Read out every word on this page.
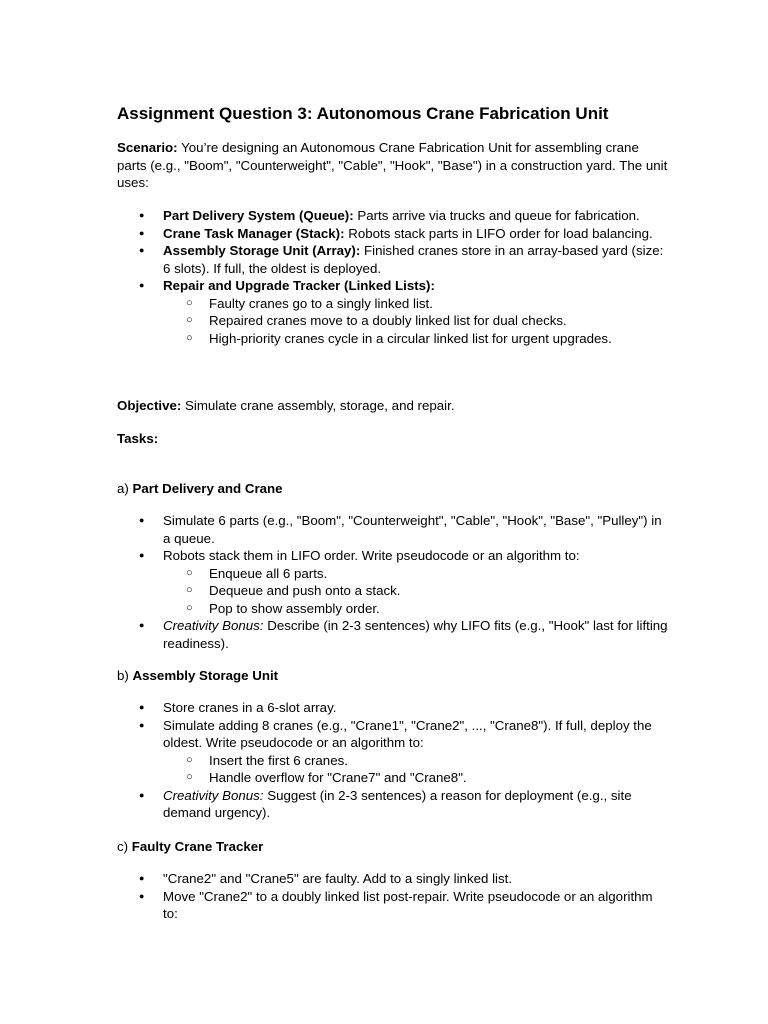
Assignment Question 3: Autonomous Crane Fabrication Unit

Scenario: You’re designing an Autonomous Crane Fabrication Unit for assembling crane parts (e.g., "Boom", "Counterweight", "Cable", "Hook", "Base") in a construction yard. The unit uses:

● Part Delivery System (Queue): Parts arrive via trucks and queue for fabrication.
● Crane Task Manager (Stack): Robots stack parts in LIFO order for load balancing.
● Assembly Storage Unit (Array): Finished cranes store in an array-based yard (size: 6 slots). If full, the oldest is deployed.
● Repair and Upgrade Tracker (Linked Lists):
○ Faulty cranes go to a singly linked list.
○ Repaired cranes move to a doubly linked list for dual checks.
○ High-priority cranes cycle in a circular linked list for urgent upgrades.

Objective: Simulate crane assembly, storage, and repair.

Tasks:

a) Part Delivery and Crane

● Simulate 6 parts (e.g., "Boom", "Counterweight", "Cable", "Hook", "Base", "Pulley") in a queue.
● Robots stack them in LIFO order. Write pseudocode or an algorithm to:
○ Enqueue all 6 parts.
○ Dequeue and push onto a stack.
○ Pop to show assembly order.
● Creativity Bonus: Describe (in 2-3 sentences) why LIFO fits (e.g., "Hook" last for lifting readiness).

b) Assembly Storage Unit

● Store cranes in a 6-slot array.
● Simulate adding 8 cranes (e.g., "Crane1", "Crane2", ..., "Crane8"). If full, deploy the oldest. Write pseudocode or an algorithm to:
○ Insert the first 6 cranes.
○ Handle overflow for "Crane7" and "Crane8".
● Creativity Bonus: Suggest (in 2-3 sentences) a reason for deployment (e.g., site demand urgency).

c) Faulty Crane Tracker

● "Crane2" and "Crane5" are faulty. Add to a singly linked list.
● Move "Crane2" to a doubly linked list post-repair. Write pseudocode or an algorithm to:
